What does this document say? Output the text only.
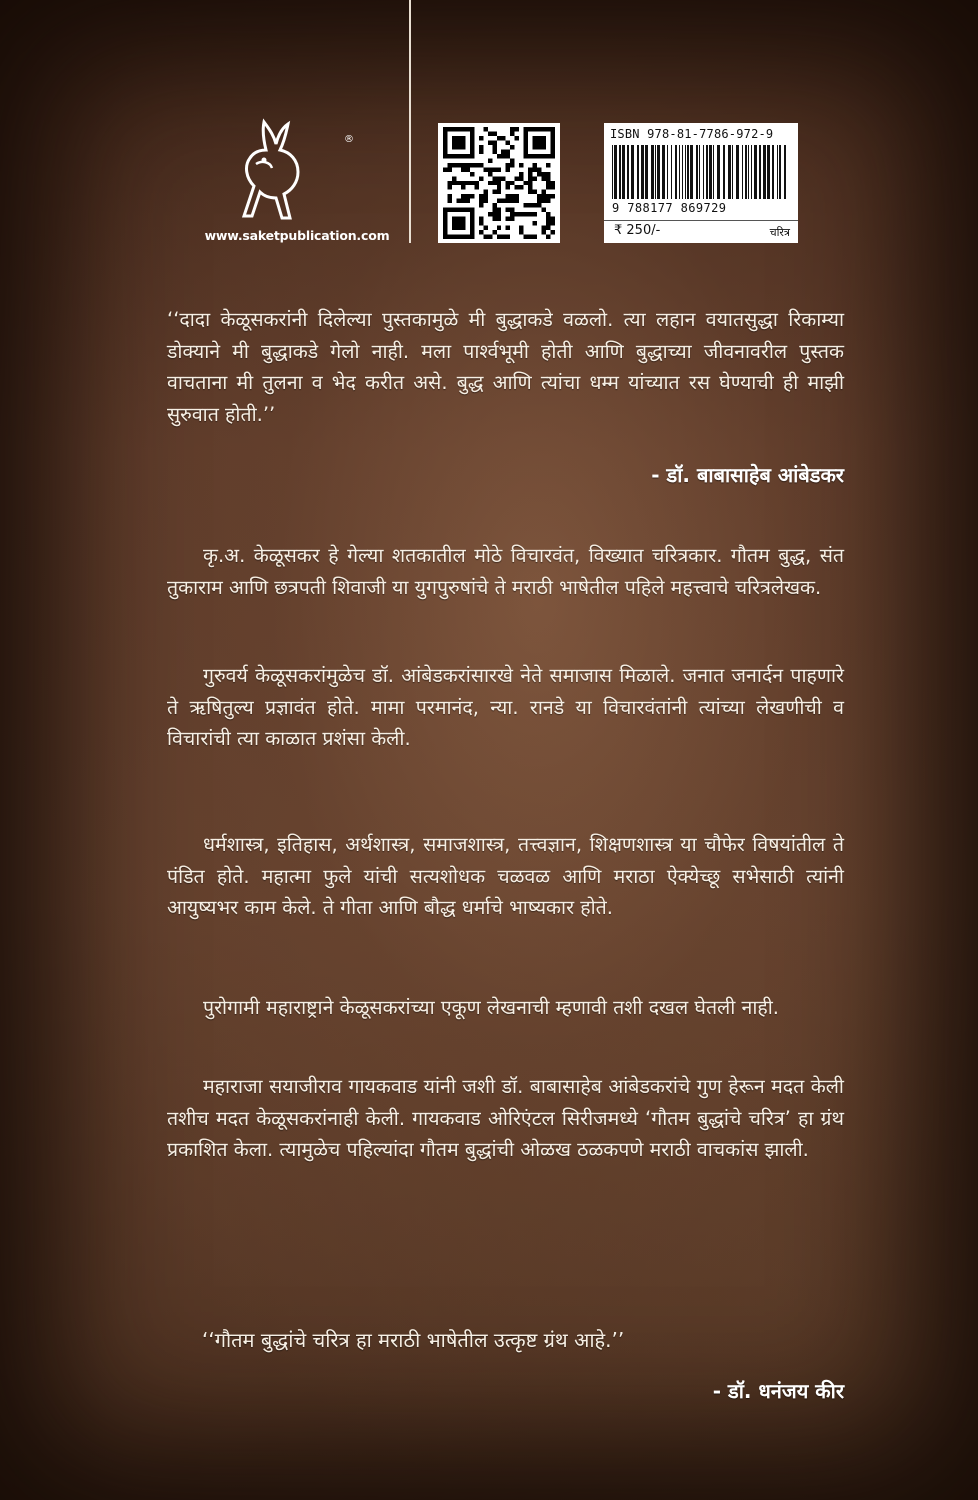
®
www.saketpublication.com
ISBN 978-81-7786-972-9
9 788177 869729
₹ 250/-	चरित्र
‘‘दादा केळूसकरांनी दिलेल्या पुस्तकामुळे मी बुद्धाकडे वळलो. त्या लहान वयातसुद्धा रिकाम्या डोक्याने मी बुद्धाकडे गेलो नाही. मला पार्श्वभूमी होती आणि बुद्धाच्या जीवनावरील पुस्तक वाचताना मी तुलना व भेद करीत असे. बुद्ध आणि त्यांचा धम्म यांच्यात रस घेण्याची ही माझी सुरुवात होती.’’
- डॉ. बाबासाहेब आंबेडकर

कृ.अ. केळूसकर हे गेल्या शतकातील मोठे विचारवंत, विख्यात चरित्रकार. गौतम बुद्ध, संत तुकाराम आणि छत्रपती शिवाजी या युगपुरुषांचे ते मराठी भाषेतील पहिले महत्त्वाचे चरित्रलेखक.

गुरुवर्य केळूसकरांमुळेच डॉ. आंबेडकरांसारखे नेते समाजास मिळाले. जनात जनार्दन पाहणारे ते ऋषितुल्य प्रज्ञावंत होते. मामा परमानंद, न्या. रानडे या विचारवंतांनी त्यांच्या लेखणीची व विचारांची त्या काळात प्रशंसा केली.

धर्मशास्त्र, इतिहास, अर्थशास्त्र, समाजशास्त्र, तत्त्वज्ञान, शिक्षणशास्त्र या चौफेर विषयांतील ते पंडित होते. महात्मा फुले यांची सत्यशोधक चळवळ आणि मराठा ऐक्येच्छू सभेसाठी त्यांनी आयुष्यभर काम केले. ते गीता आणि बौद्ध धर्माचे भाष्यकार होते.

पुरोगामी महाराष्ट्राने केळूसकरांच्या एकूण लेखनाची म्हणावी तशी दखल घेतली नाही.

महाराजा सयाजीराव गायकवाड यांनी जशी डॉ. बाबासाहेब आंबेडकरांचे गुण हेरून मदत केली तशीच मदत केळूसकरांनाही केली. गायकवाड ओरिएंटल सिरीजमध्ये ‘गौतम बुद्धांचे चरित्र’ हा ग्रंथ प्रकाशित केला. त्यामुळेच पहिल्यांदा गौतम बुद्धांची ओळख ठळकपणे मराठी वाचकांस झाली.

‘‘गौतम बुद्धांचे चरित्र हा मराठी भाषेतील उत्कृष्ट ग्रंथ आहे.’’
- डॉ. धनंजय कीर
